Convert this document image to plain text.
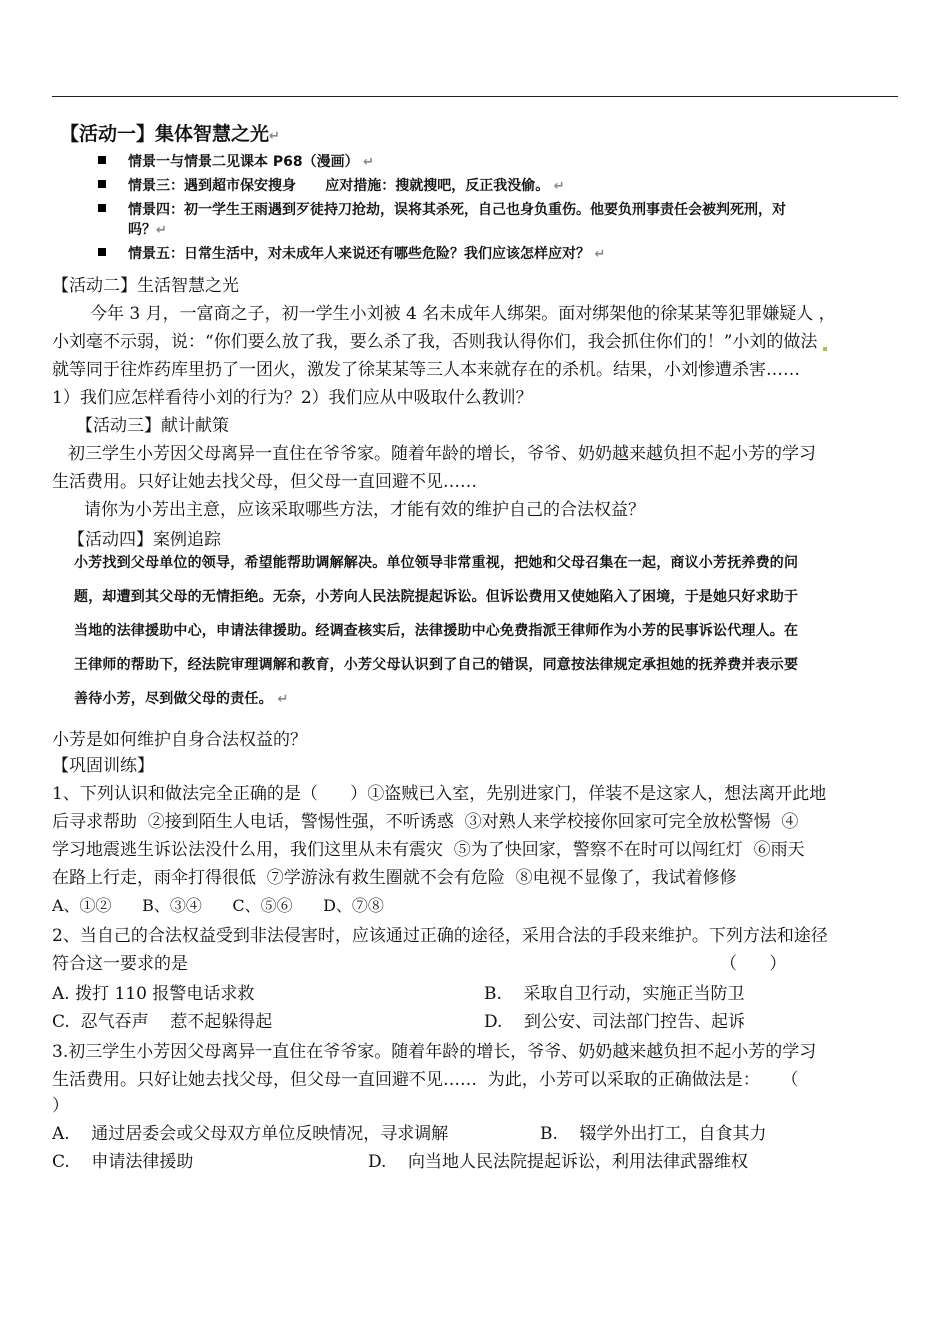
【活动一】集体智慧之光↵
情景一与情景二见课本 P68（漫画） ↵
情景三：遇到超市保安搜身      应对措施：搜就搜吧，反正我没偷。 ↵
情景四：初一学生王雨遇到歹徒持刀抢劫，误将其杀死，自己也身负重伤。他要负刑事责任会被判死刑，对
吗？↵
情景五：日常生活中，对未成年人来说还有哪些危险？我们应该怎样应对？ ↵
【活动二】生活智慧之光
今年 3 月，一富商之子，初一学生小刘被 4 名未成年人绑架。面对绑架他的徐某某等犯罪嫌疑人 ，
小刘毫不示弱，说：“你们要么放了我，要么杀了我，否则我认得你们，我会抓住你们的！”小刘的做法
就等同于往炸药库里扔了一团火，激发了徐某某等三人本来就存在的杀机。结果，小刘惨遭杀害……
1）我们应怎样看待小刘的行为？2）我们应从中吸取什么教训？
【活动三】献计献策
初三学生小芳因父母离异一直住在爷爷家。随着年龄的增长，爷爷、奶奶越来越负担不起小芳的学习
生活费用。只好让她去找父母，但父母一直回避不见……
请你为小芳出主意，应该采取哪些方法，才能有效的维护自己的合法权益？
【活动四】案例追踪
小芳找到父母单位的领导，希望能帮助调解解决。单位领导非常重视，把她和父母召集在一起，商议小芳抚养费的问
题，却遭到其父母的无情拒绝。无奈，小芳向人民法院提起诉讼。但诉讼费用又使她陷入了困境，于是她只好求助于
当地的法律援助中心，申请法律援助。经调查核实后，法律援助中心免费指派王律师作为小芳的民事诉讼代理人。在
王律师的帮助下，经法院审理调解和教育，小芳父母认识到了自己的错误，同意按法律规定承担她的抚养费并表示要
善待小芳，尽到做父母的责任。 ↵
小芳是如何维护自身合法权益的？
【巩固训练】
1、下列认识和做法完全正确的是（      ）①盗贼已入室，先别进家门，佯装不是这家人，想法离开此地
后寻求帮助  ②接到陌生人电话，警惕性强，不听诱惑  ③对熟人来学校接你回家可完全放松警惕  ④
学习地震逃生诉讼法没什么用，我们这里从未有震灾  ⑤为了快回家，警察不在时可以闯红灯  ⑥雨天
在路上行走，雨伞打得很低  ⑦学游泳有救生圈就不会有危险  ⑧电视不显像了，我试着修修
A、①②      B、③④      C、⑤⑥      D、⑦⑧
2、当自己的合法权益受到非法侵害时，应该通过正确的途径，采用合法的手段来维护。下列方法和途径
符合这一要求的是	（      ）
A. 拨打 110 报警电话求救	B.    采取自卫行动，实施正当防卫
C.  忍气吞声    惹不起躲得起	D.    到公安、司法部门控告、起诉
3.初三学生小芳因父母离异一直住在爷爷家。随着年龄的增长，爷爷、奶奶越来越负担不起小芳的学习
生活费用。只好让她去找父母，但父母一直回避不见……  为此，小芳可以采取的正确做法是：    （
）
A.    通过居委会或父母双方单位反映情况，寻求调解	B.    辍学外出打工，自食其力
C.    申请法律援助	D.    向当地人民法院提起诉讼，利用法律武器维权
